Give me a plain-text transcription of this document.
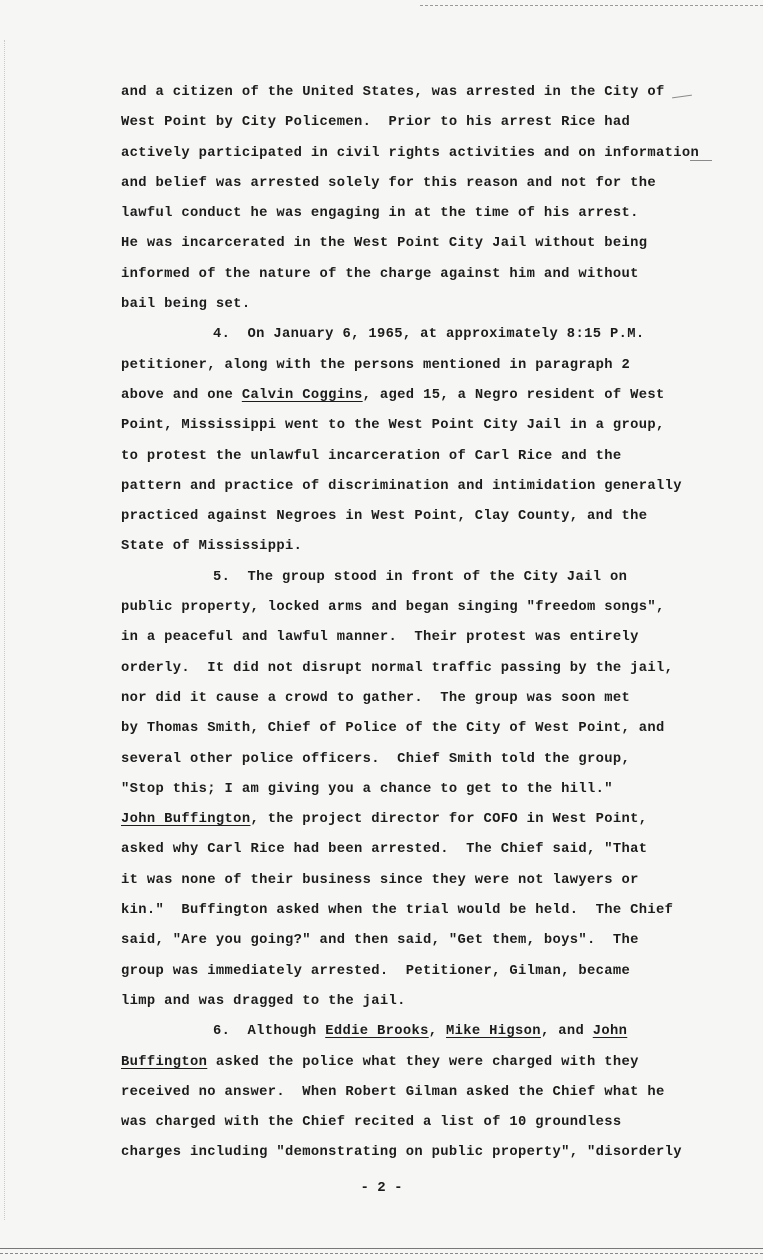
and a citizen of the United States, was arrested in the City of
West Point by City Policemen.  Prior to his arrest Rice had
actively participated in civil rights activities and on information
and belief was arrested solely for this reason and not for the
lawful conduct he was engaging in at the time of his arrest.
He was incarcerated in the West Point City Jail without being
informed of the nature of the charge against him and without
bail being set.
4.  On January 6, 1965, at approximately 8:15 P.M.
petitioner, along with the persons mentioned in paragraph 2
above and one Calvin Coggins, aged 15, a Negro resident of West
Point, Mississippi went to the West Point City Jail in a group,
to protest the unlawful incarceration of Carl Rice and the
pattern and practice of discrimination and intimidation generally
practiced against Negroes in West Point, Clay County, and the
State of Mississippi.
5.  The group stood in front of the City Jail on
public property, locked arms and began singing "freedom songs",
in a peaceful and lawful manner.  Their protest was entirely
orderly.  It did not disrupt normal traffic passing by the jail,
nor did it cause a crowd to gather.  The group was soon met
by Thomas Smith, Chief of Police of the City of West Point, and
several other police officers.  Chief Smith told the group,
"Stop this; I am giving you a chance to get to the hill."
John Buffington, the project director for COFO in West Point,
asked why Carl Rice had been arrested.  The Chief said, "That
it was none of their business since they were not lawyers or
kin."  Buffington asked when the trial would be held.  The Chief
said, "Are you going?" and then said, "Get them, boys".  The
group was immediately arrested.  Petitioner, Gilman, became
limp and was dragged to the jail.
6.  Although Eddie Brooks, Mike Higson, and John
Buffington asked the police what they were charged with they
received no answer.  When Robert Gilman asked the Chief what he
was charged with the Chief recited a list of 10 groundless
charges including "demonstrating on public property", "disorderly
- 2 -
